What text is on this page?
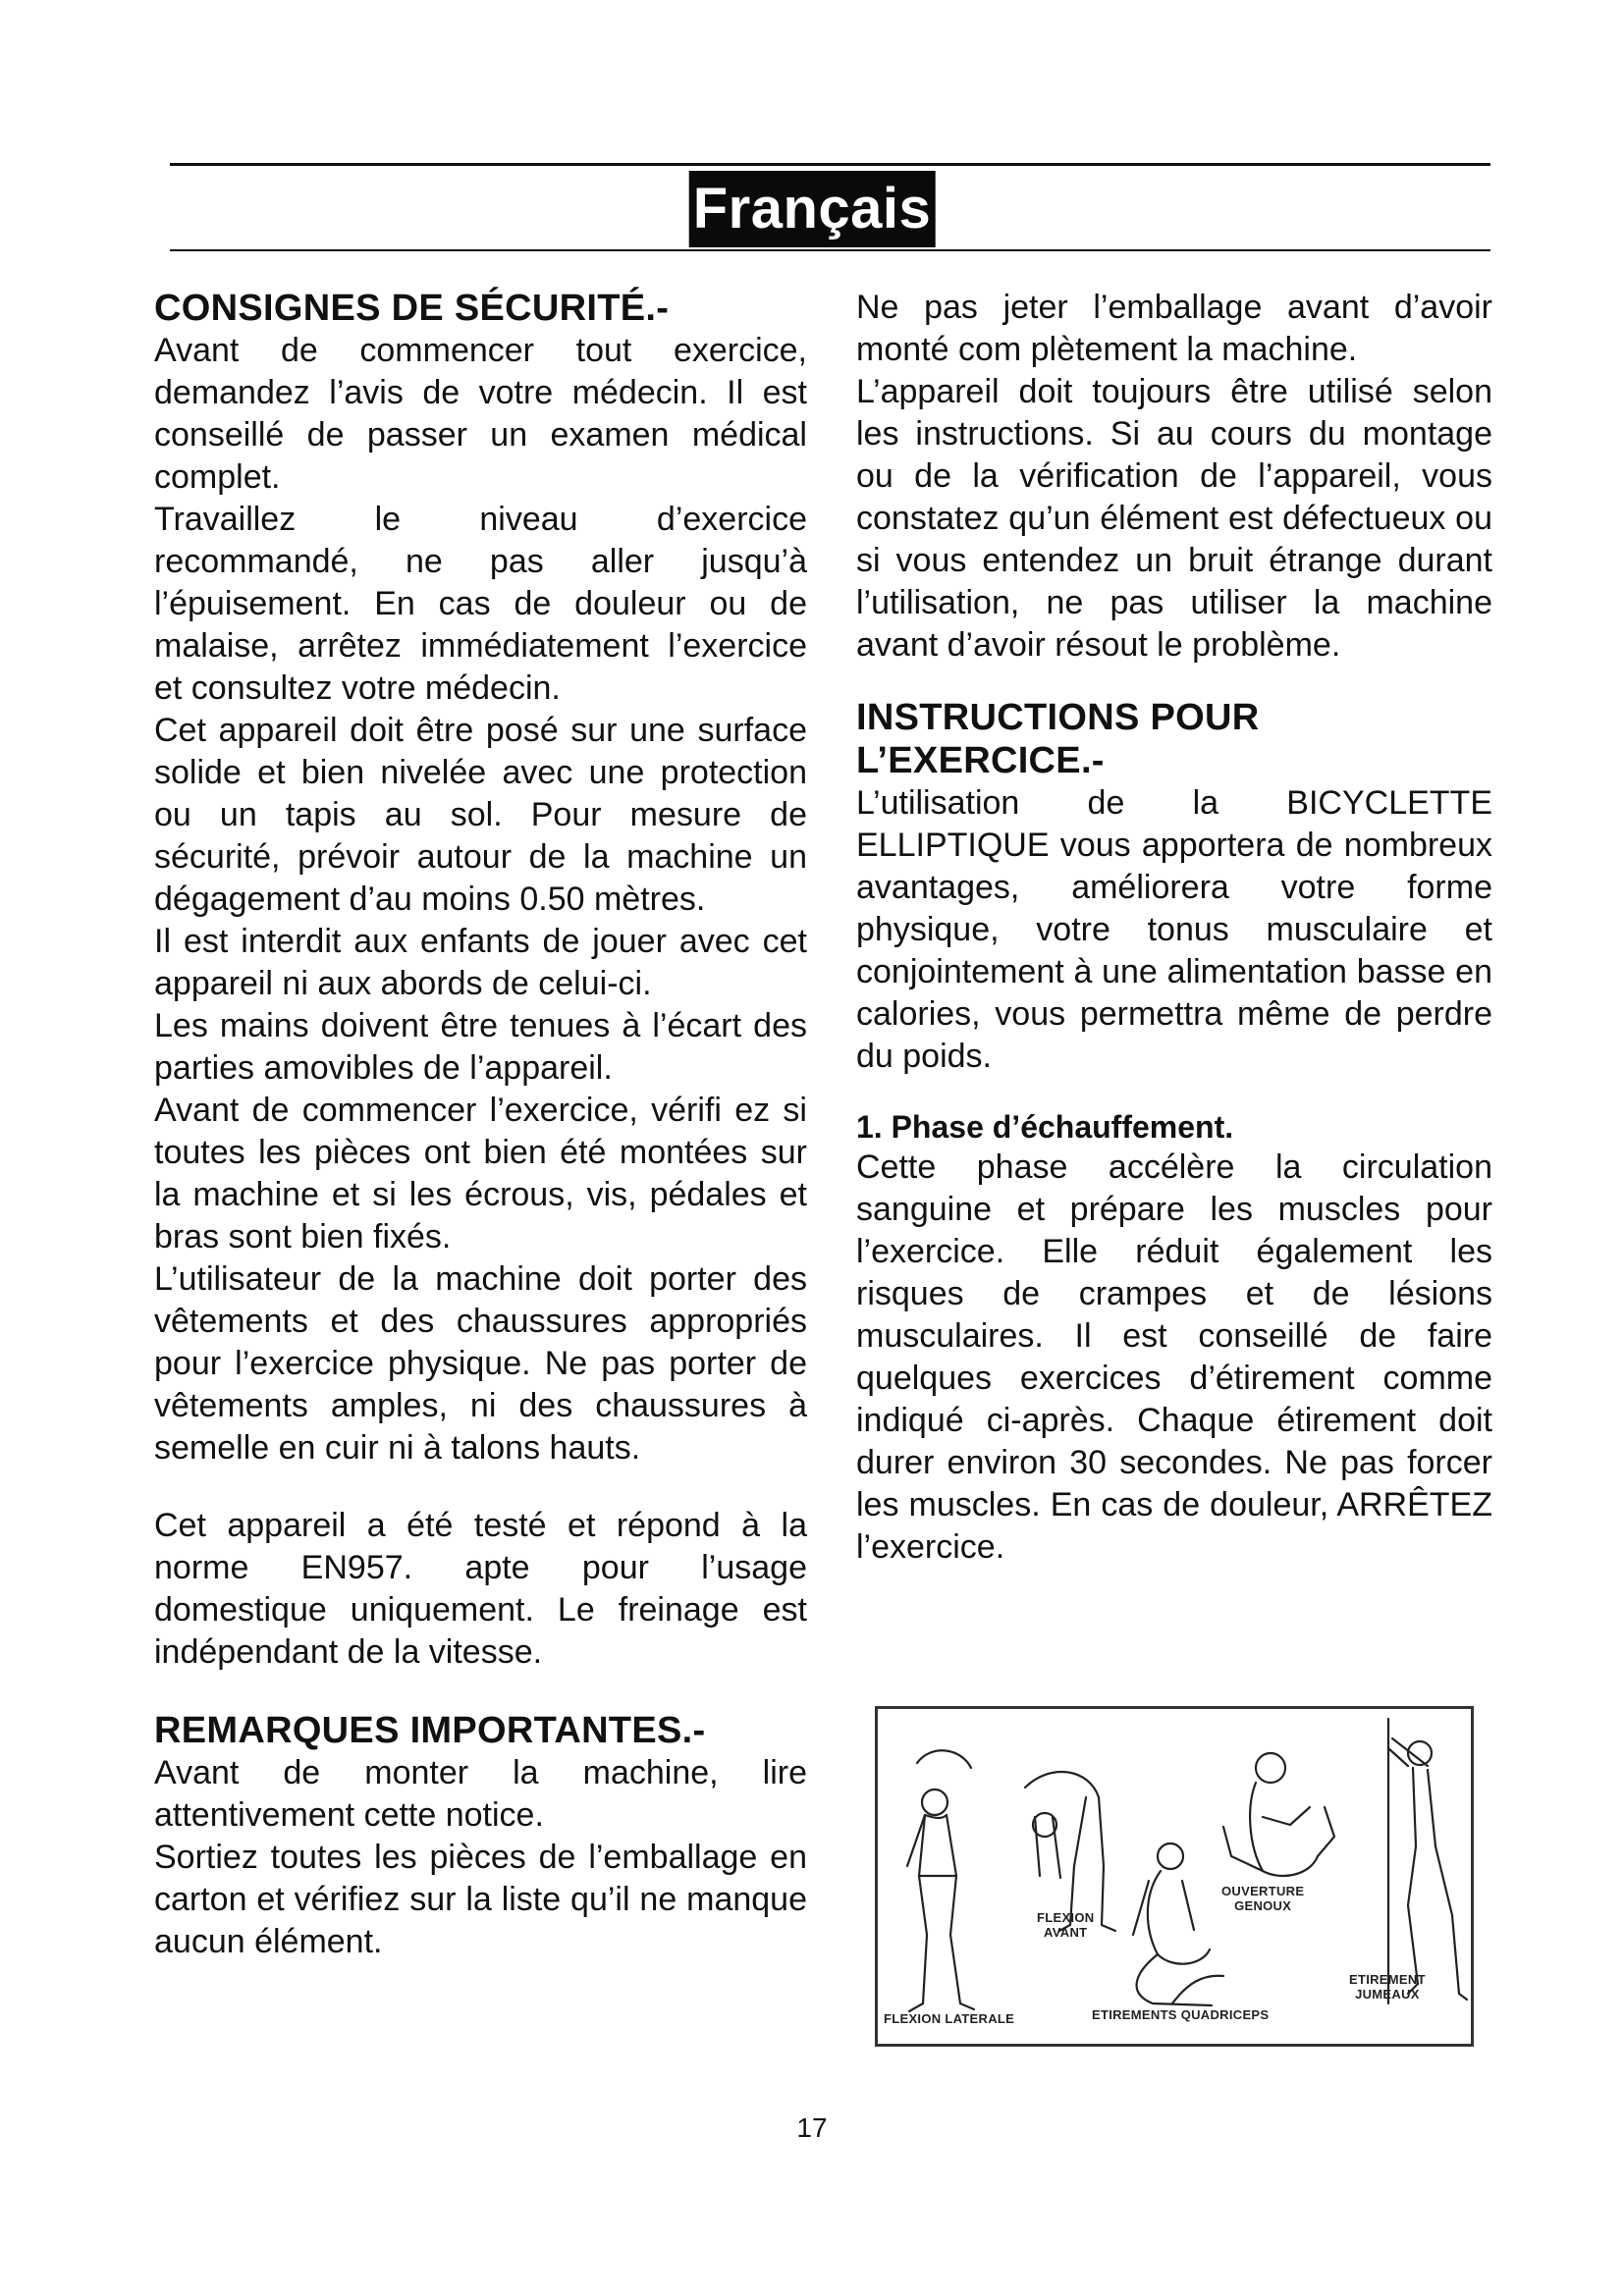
Français
CONSIGNES DE SÉCURITÉ.-

Avant de commencer tout exercice, demandez l’avis de votre médecin. Il est conseillé de passer un examen médical complet.

Travaillez le niveau d’exercice recommandé, ne pas aller jusqu’à l’épuisement. En cas de douleur ou de malaise, arrêtez immédiatement l’exercice et consultez votre médecin.

Cet appareil doit être posé sur une surface solide et bien nivelée avec une protection ou un tapis au sol. Pour mesure de sécurité, prévoir autour de la machine un dégagement d’au moins 0.50 mètres.

Il est interdit aux enfants de jouer avec cet appareil ni aux abords de celui-ci.

Les mains doivent être tenues à l’écart des parties amovibles de l’appareil.

Avant de commencer l’exercice, vérifi ez si toutes les pièces ont bien été montées sur la machine et si les écrous, vis, pédales et bras sont bien fixés.

L’utilisateur de la machine doit porter des vêtements et des chaussures appropriés pour l’exercice physique. Ne pas porter de vêtements amples, ni des chaussures à semelle en cuir ni à talons hauts.

Cet appareil a été testé et répond à la norme EN957. apte pour l’usage domestique uniquement. Le freinage est indépendant de la vitesse.

REMARQUES IMPORTANTES.-

Avant de monter la machine, lire attentivement cette notice.

Sortiez toutes les pièces de l’emballage en carton et vérifiez sur la liste qu’il ne manque aucun élément.

Ne pas jeter l’emballage avant d’avoir monté com plètement la machine.

L’appareil doit toujours être utilisé selon les instructions. Si au cours du montage ou de la vérification de l’appareil, vous constatez qu’un élément est défectueux ou si vous entendez un bruit étrange durant l’utilisation, ne pas utiliser la machine avant d’avoir résout le problème.

INSTRUCTIONS POUR
L’EXERCICE.-

L’utilisation de la BICYCLETTE ELLIPTIQUE vous apportera de nombreux avantages, améliorera votre forme physique, votre tonus musculaire et conjointement à une alimentation basse en calories, vous permettra même de perdre du poids.

1. Phase d’échauffement.

Cette phase accélère la circulation sanguine et prépare les muscles pour l’exercice. Elle réduit également les risques de crampes et de lésions musculaires. Il est conseillé de faire quelques exercices d’étirement comme indiqué ci-après. Chaque étirement doit durer environ 30 secondes. Ne pas forcer les muscles. En cas de douleur, ARRÊTEZ l’exercice.

FLEXION LATERALE
FLEXION
AVANT
ETIREMENTS QUADRICEPS
OUVERTURE
GENOUX
ETIREMENT
JUMEAUX
17
